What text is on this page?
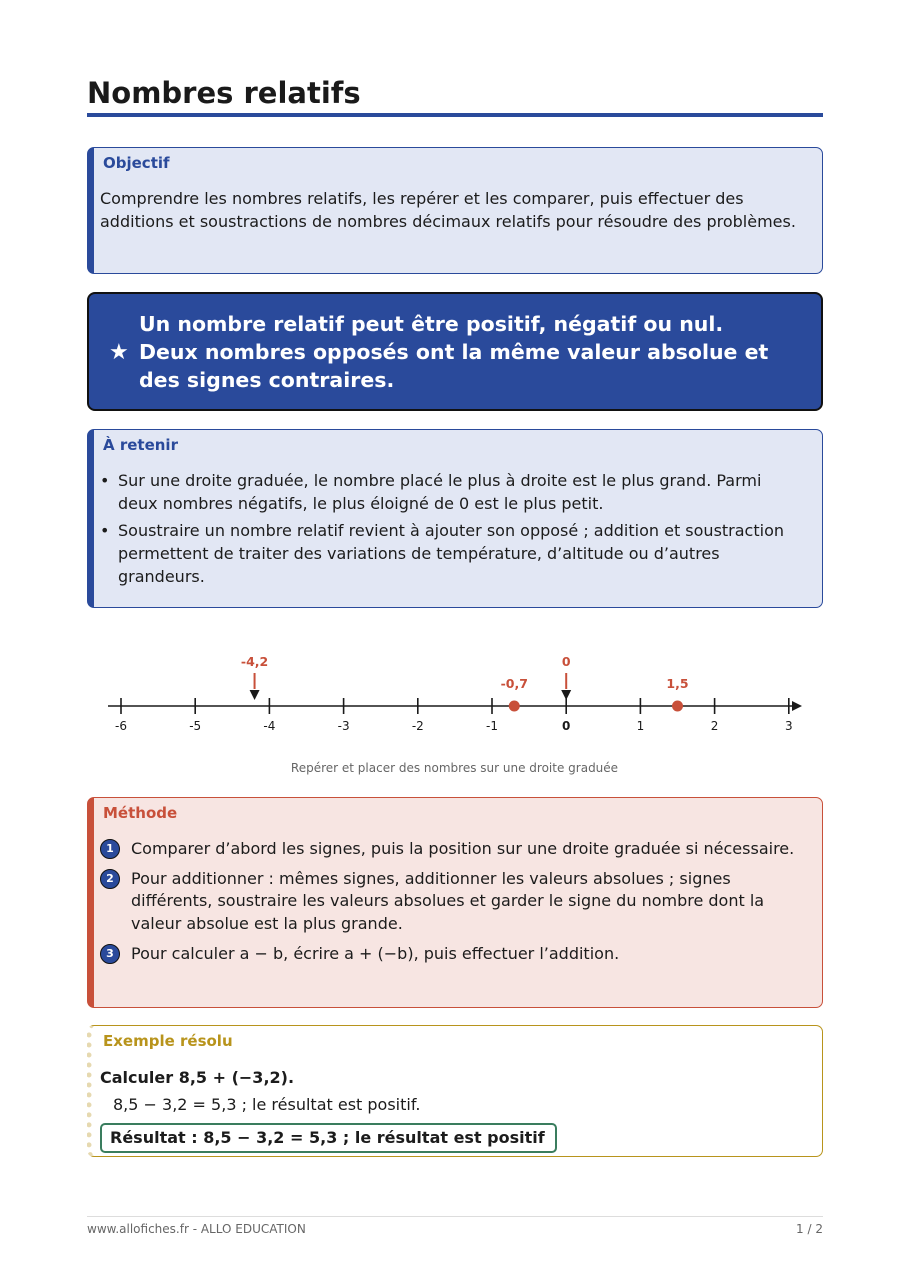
Nombres relatifs
Objectif
Comprendre les nombres relatifs, les repérer et les comparer, puis effectuer des additions et soustractions de nombres décimaux relatifs pour résoudre des problèmes.
★
Un nombre relatif peut être positif, négatif ou nul.
Deux nombres opposés ont la même valeur absolue et
des signes contraires.
À retenir
• Sur une droite graduée, le nombre placé le plus à droite est le plus grand. Parmi deux nombres négatifs, le plus éloigné de 0 est le plus petit.
• Soustraire un nombre relatif revient à ajouter son opposé ; addition et soustraction permettent de traiter des variations de température, d’altitude ou d’autres grandeurs.
-6	-5	-4	-3	-2	-1	0	1	2	3
-4,2	0
-0,7	1,5
Repérer et placer des nombres sur une droite graduée
Méthode
1	Comparer d’abord les signes, puis la position sur une droite graduée si nécessaire.
2	Pour additionner : mêmes signes, additionner les valeurs absolues ; signes différents, soustraire les valeurs absolues et garder le signe du nombre dont la valeur absolue est la plus grande.
3	Pour calculer a − b, écrire a + (−b), puis effectuer l’addition.
Exemple résolu
Calculer 8,5 + (−3,2).
8,5 − 3,2 = 5,3 ; le résultat est positif.
Résultat : 8,5 − 3,2 = 5,3 ; le résultat est positif
www.allofiches.fr - ALLO EDUCATION	1 / 2
